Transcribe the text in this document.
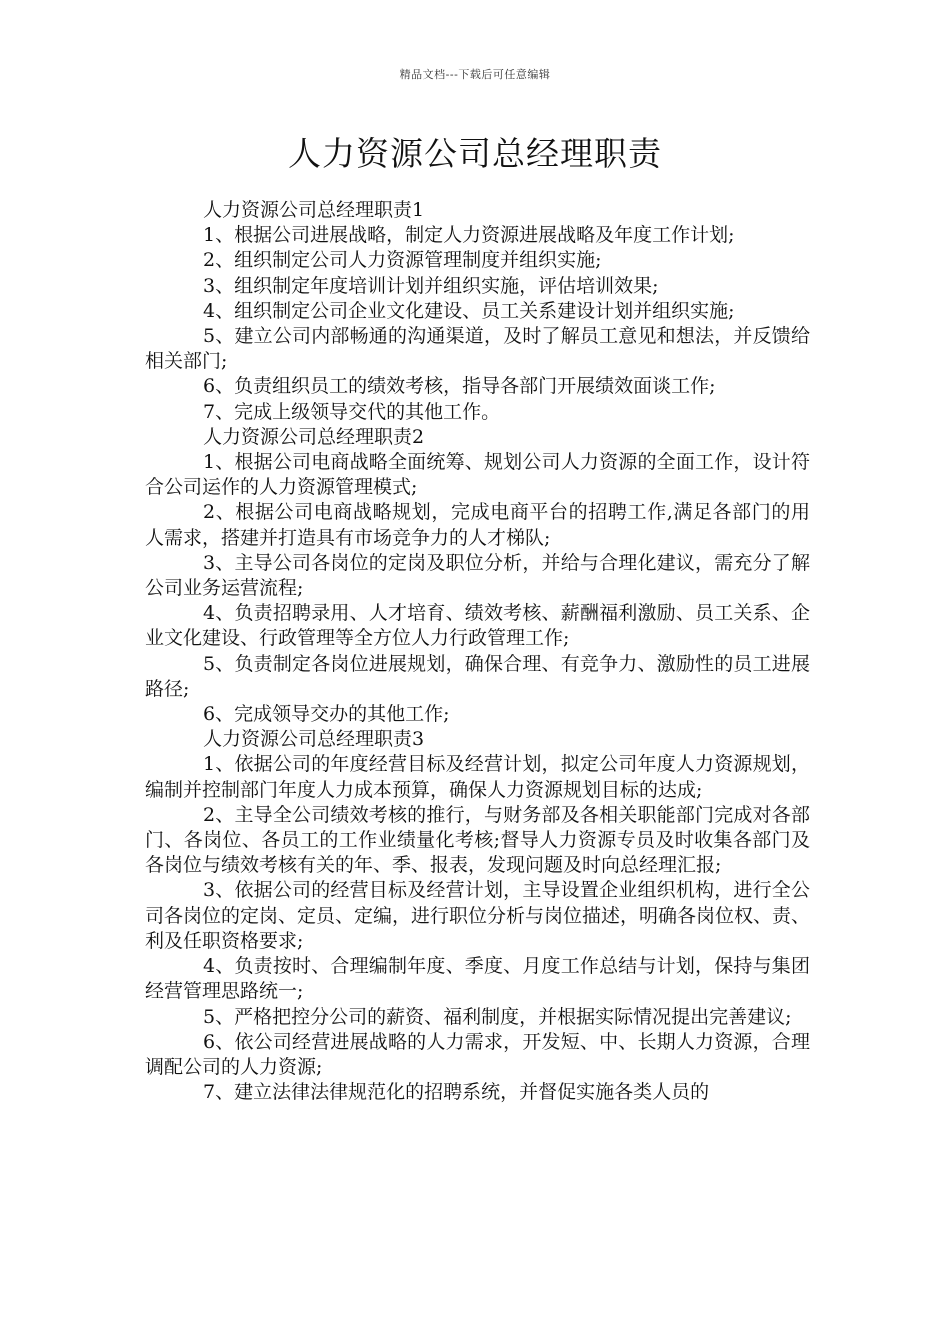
精品文档---下载后可任意编辑
人力资源公司总经理职责

人力资源公司总经理职责1

1、根据公司进展战略，制定人力资源进展战略及年度工作计划;

2、组织制定公司人力资源管理制度并组织实施;

3、组织制定年度培训计划并组织实施，评估培训效果;

4、组织制定公司企业文化建设、员工关系建设计划并组织实施;

5、建立公司内部畅通的沟通渠道，及时了解员工意见和想法，并反馈给相关部门;

6、负责组织员工的绩效考核，指导各部门开展绩效面谈工作;

7、完成上级领导交代的其他工作。

人力资源公司总经理职责2

1、根据公司电商战略全面统筹、规划公司人力资源的全面工作，设计符合公司运作的人力资源管理模式;

2、根据公司电商战略规划，完成电商平台的招聘工作,满足各部门的用人需求，搭建并打造具有市场竞争力的人才梯队;

3、主导公司各岗位的定岗及职位分析，并给与合理化建议，需充分了解公司业务运营流程;

4、负责招聘录用、人才培育、绩效考核、薪酬福利激励、员工关系、企业文化建设、行政管理等全方位人力行政管理工作;

5、负责制定各岗位进展规划，确保合理、有竞争力、激励性的员工进展路径;

6、完成领导交办的其他工作;

人力资源公司总经理职责3

1、依据公司的年度经营目标及经营计划，拟定公司年度人力资源规划，编制并控制部门年度人力成本预算，确保人力资源规划目标的达成;

2、主导全公司绩效考核的推行，与财务部及各相关职能部门完成对各部门、各岗位、各员工的工作业绩量化考核;督导人力资源专员及时收集各部门及各岗位与绩效考核有关的年、季、报表，发现问题及时向总经理汇报;

3、依据公司的经营目标及经营计划，主导设置企业组织机构，进行全公司各岗位的定岗、定员、定编，进行职位分析与岗位描述，明确各岗位权、责、利及任职资格要求;

4、负责按时、合理编制年度、季度、月度工作总结与计划，保持与集团经营管理思路统一;

5、严格把控分公司的薪资、福利制度，并根据实际情况提出完善建议;

6、依公司经营进展战略的人力需求，开发短、中、长期人力资源，合理调配公司的人力资源;

7、建立法律法律规范化的招聘系统，并督促实施各类人员的
